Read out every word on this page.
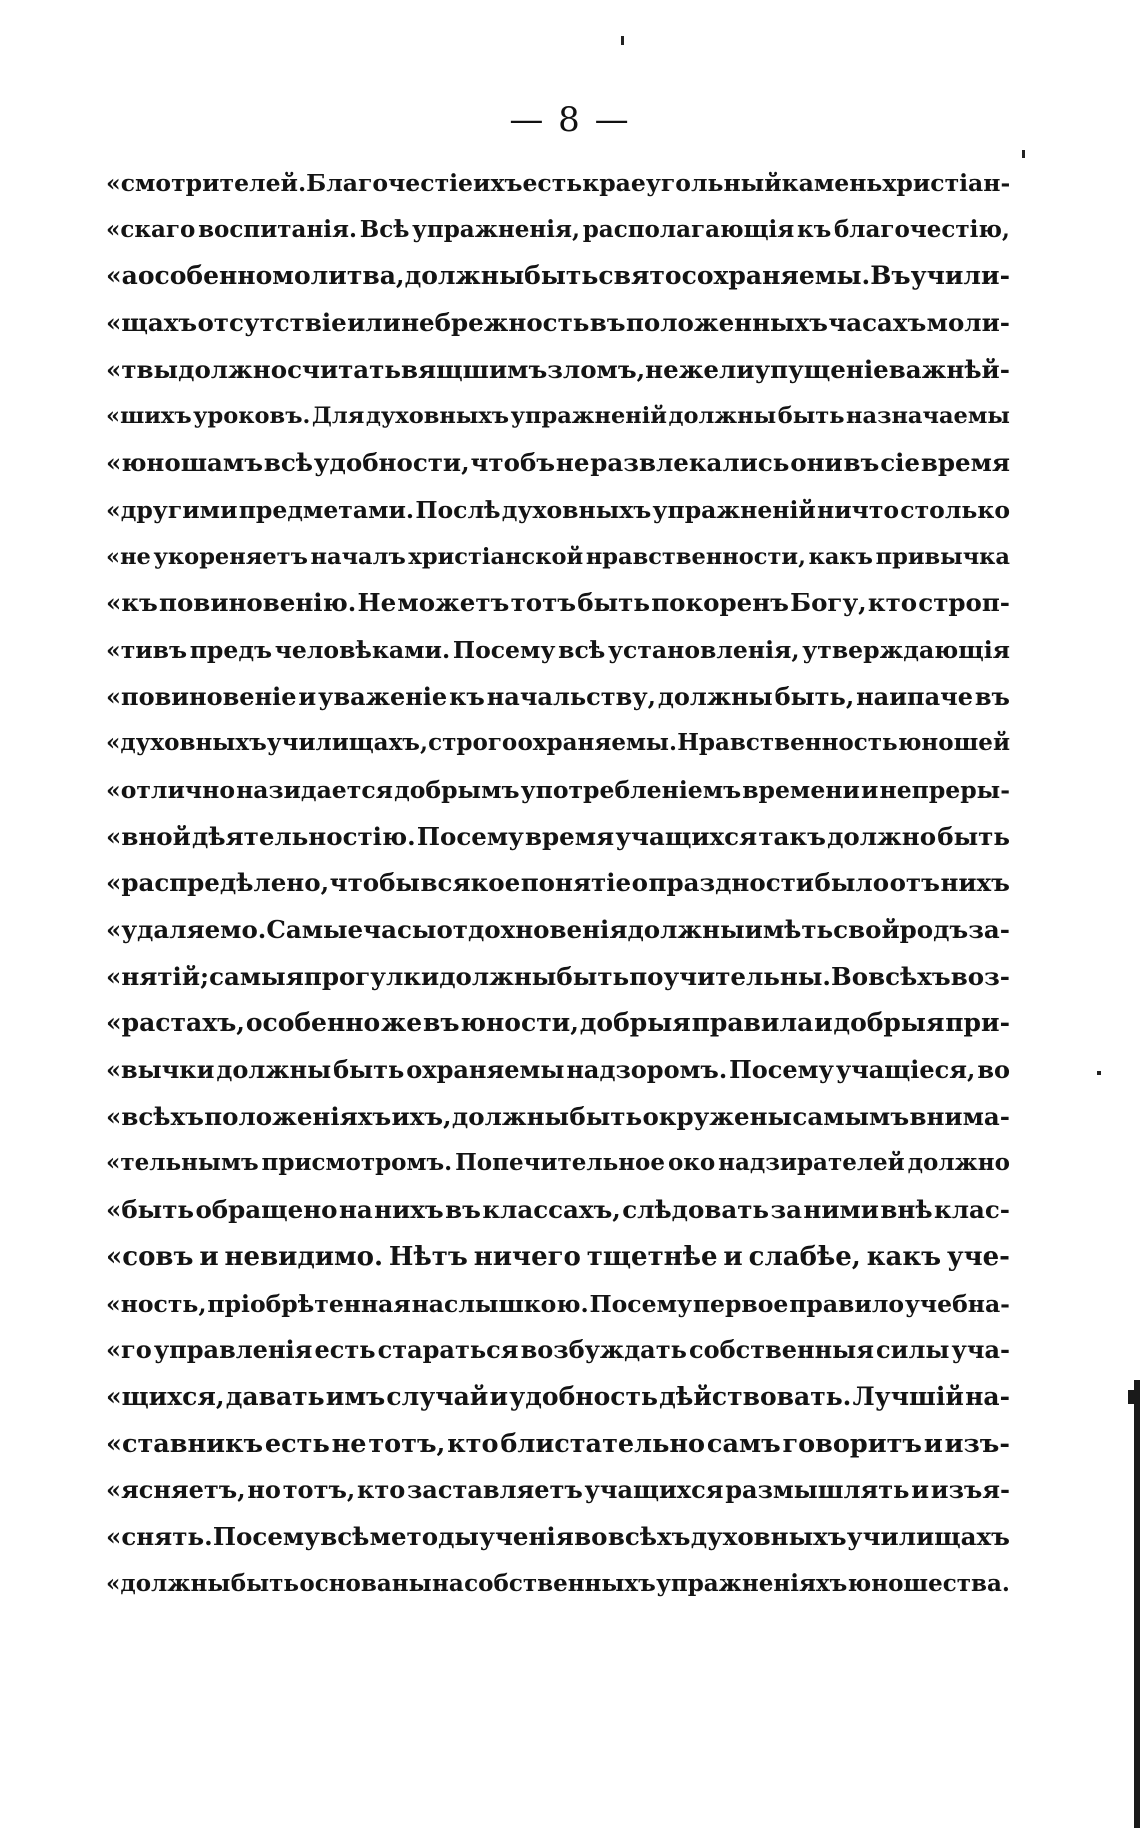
— 8 —
«смотрителей. Благочестіе ихъ есть краеугольный камень христіан-
«скаго воспитанія. Всѣ упражненія, располагающія къ благочестію,
«а особенно молитва, должны быть свято сохраняемы. Въ учили-
«щахъ отсутствіе или небрежность въ положенныхъ часахъ моли-
«твы должно считать вящшимъ зломъ, нежели упущеніе важнѣй-
«шихъ уроковъ. Для духовныхъ упражненій должны быть назначаемы
«юношамъ всѣ удобности, чтобъ не развлекались они въ сіе время
«другими предметами. Послѣ духовныхъ упражненій ничто столько
«не укореняетъ началъ христіанской нравственности, какъ привычка
«къ повиновенію. Не можетъ тотъ быть покоренъ Богу, кто строп-
«тивъ предъ человѣками. Посему всѣ установленія, утверждающія
«повиновеніе и уваженіе къ начальству, должны быть, наипаче въ
«духовныхъ училищахъ, строго охраняемы. Нравственность юношей
«отлично назидается добрымъ употребленіемъ времени и непреры-
«вной дѣятельностію. Посему время учащихся такъ должно быть
«распредѣлено, чтобы всякое понятіе о праздности было отъ нихъ
«удаляемо. Самые часы отдохновенія должны имѣть свой родъ за-
«нятій; самыя прогулки должны быть поучительны. Во всѣхъ воз-
«растахъ, особенно же въ юности, добрыя правила и добрыя при-
«вычки должны быть охраняемы надзоромъ. Посему учащіеся, во
«всѣхъ положеніяхъ ихъ, должны быть окружены самымъ внима-
«тельнымъ присмотромъ. Попечительное око надзирателей должно
«быть обращено на нихъ въ классахъ, слѣдовать за ними внѣ клас-
«совъ и невидимо. Нѣтъ ничего тщетнѣе и слабѣе, какъ уче-
«ность, пріобрѣтенная наслышкою. Посему первое правило учебна-
«го управленія есть стараться возбуждать собственныя силы уча-
«щихся, давать имъ случай и удобность дѣйствовать. Лучшій на-
«ставникъ есть не тотъ, кто блистательно самъ говоритъ и изъ-
«ясняетъ, но тотъ, кто заставляетъ учащихся размышлять и изъя-
«снять. Посему всѣ методы ученія во всѣхъ духовныхъ училищахъ
«должны быть основаны на собственныхъ упражненіяхъ юношества.
